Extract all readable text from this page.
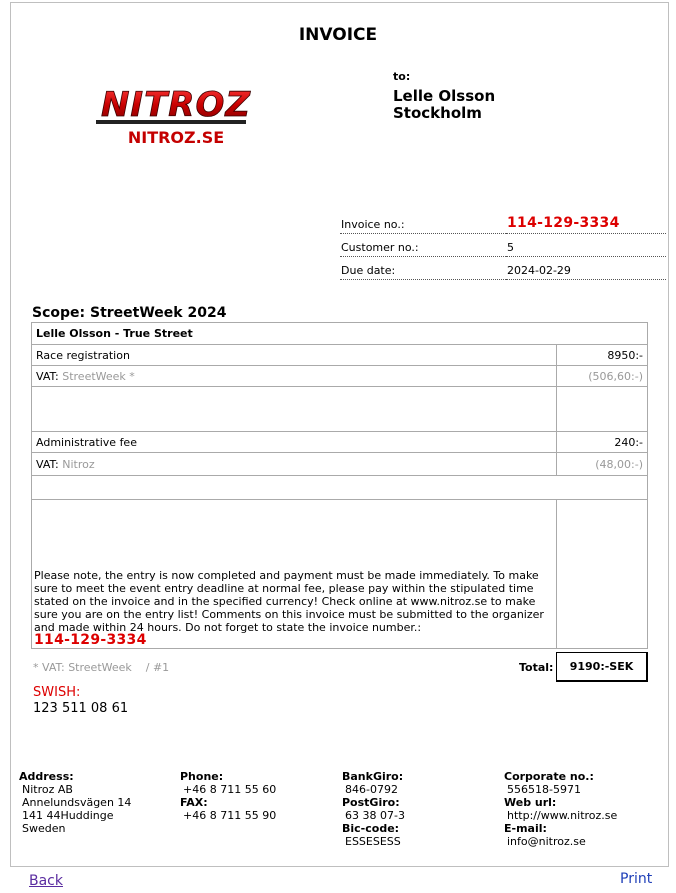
INVOICE
NITROZ
NITROZ.SE
to:
Lelle Olsson
Stockholm
Invoice no.:	114-129-3334
Customer no.:	5
Due date:	2024-02-29
Scope: StreetWeek 2024
Lelle Olsson - True Street	
Race registration	8950:-
VAT: StreetWeek *	(506,60:-)

Administrative fee	240:-
VAT: Nitroz	(48,00:-)

Please note, the entry is now completed and payment must be made immediately. To make sure to meet the event entry deadline at normal fee, please pay within the stipulated time stated on the invoice and in the specified currency! Check online at www.nitroz.se to make sure you are on the entry list! Comments on this invoice must be submitted to the organizer and made within 24 hours. Do not forget to state the invoice number.:
114-129-3334	

* VAT: StreetWeek / #1	Total:	9190:-SEK
SWISH:
123 511 08 61
Address:
Nitroz AB
Annelundsvägen 14
141 44Huddinge
Sweden
Phone:
+46 8 711 55 60
FAX:
+46 8 711 55 90
BankGiro:
846-0792
PostGiro:
63 38 07-3
Bic-code:
ESSESESS
Corporate no.:
556518-5971
Web url:
http://www.nitroz.se
E-mail:
info@nitroz.se
Back	Print
